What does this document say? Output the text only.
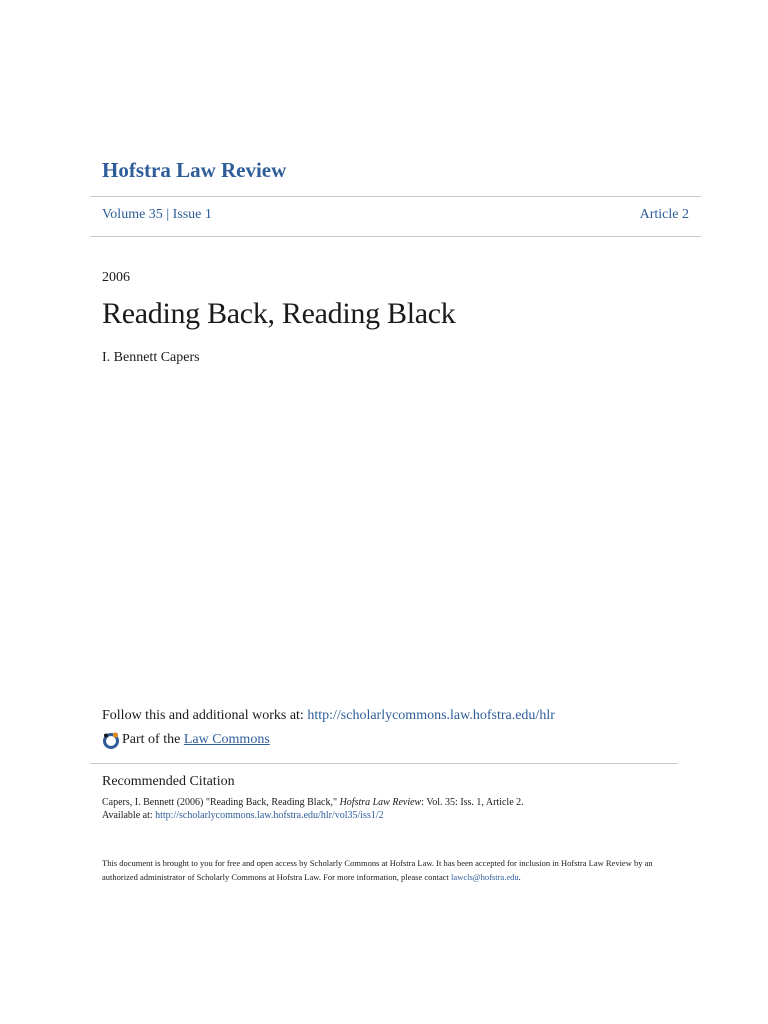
Hofstra Law Review
Volume 35 | Issue 1	Article 2
2006
Reading Back, Reading Black
I. Bennett Capers
Follow this and additional works at: http://scholarlycommons.law.hofstra.edu/hlr
Part of the
Law Commons
Recommended Citation
Capers, I. Bennett (2006) "Reading Back, Reading Black," Hofstra Law Review: Vol. 35: Iss. 1, Article 2.
Available at: http://scholarlycommons.law.hofstra.edu/hlr/vol35/iss1/2
This document is brought to you for free and open access by Scholarly Commons at Hofstra Law. It has been accepted for inclusion in Hofstra Law Review by an authorized administrator of Scholarly Commons at Hofstra Law. For more information, please contact lawcls@hofstra.edu.
